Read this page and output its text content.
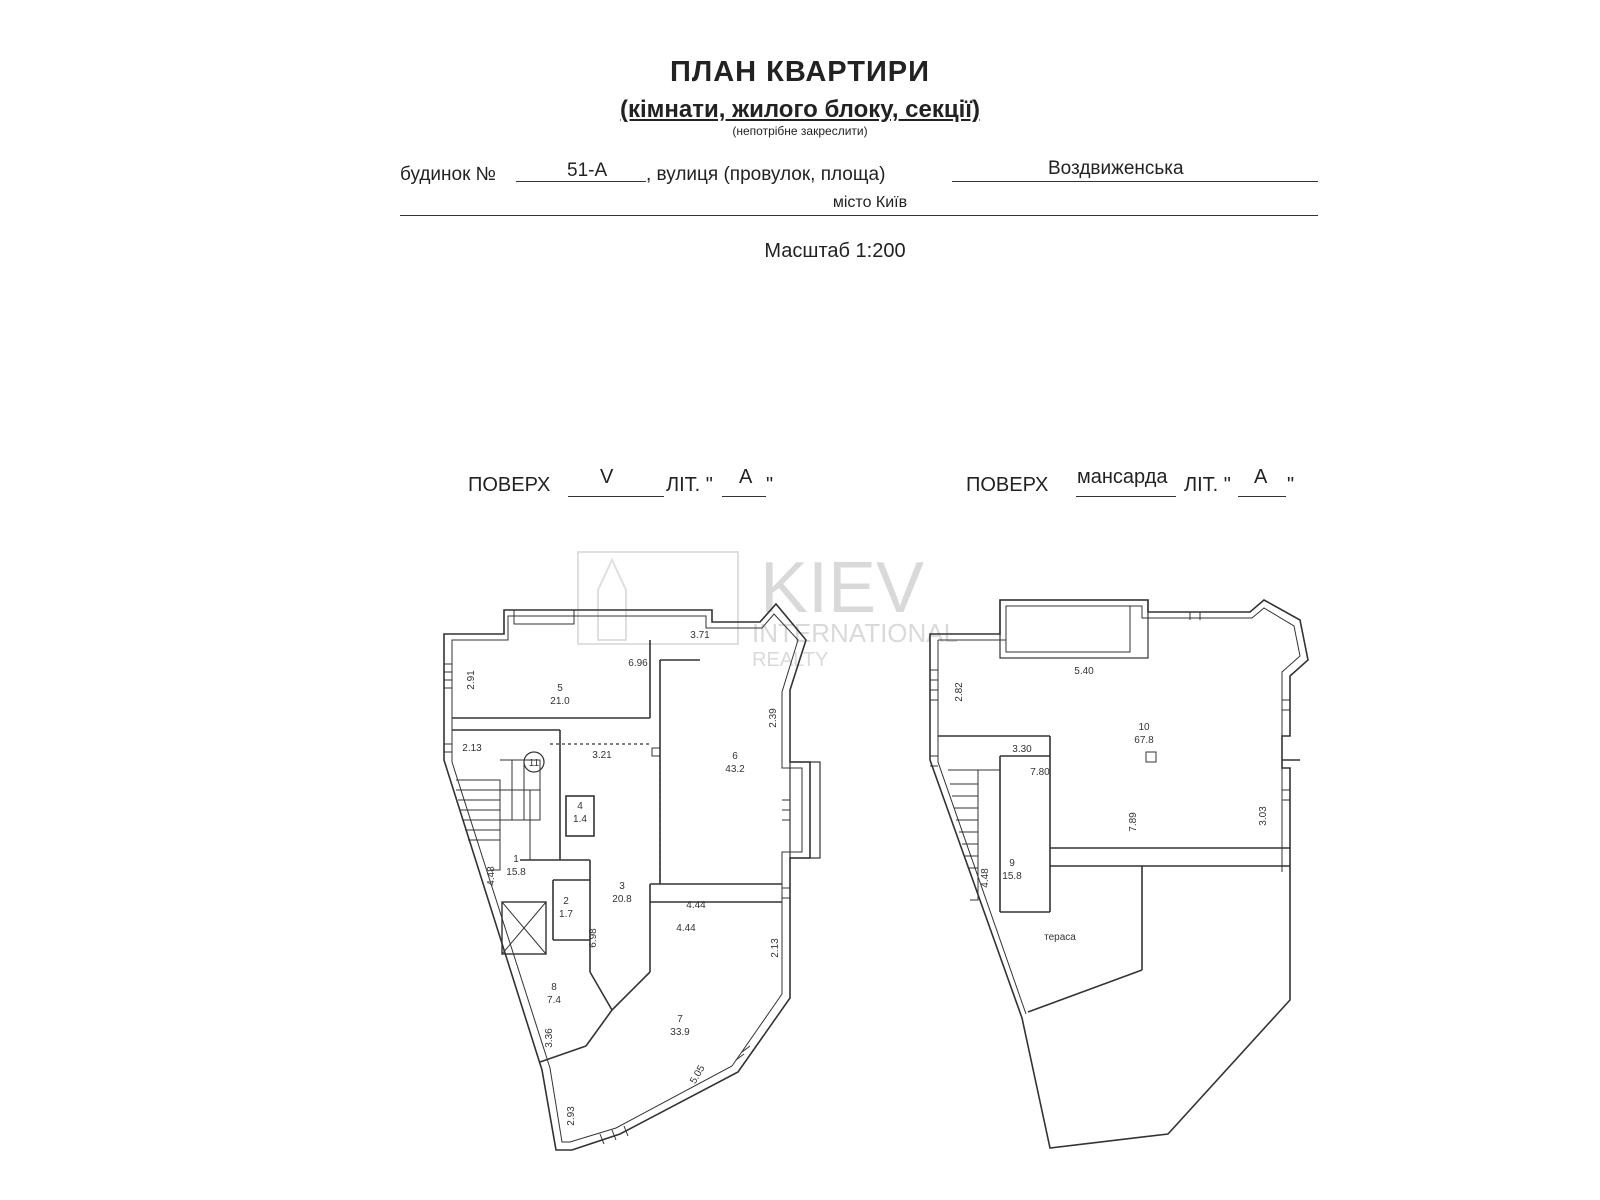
ПЛАН КВАРТИРИ
(кімнати, жилого блоку, секції)
(непотрібне закреслити)
будинок №	51-А , вулиця (провулок, площа)	Воздвиженська
місто Київ
Масштаб 1:200
ПОВЕРХ V	ЛІТ. " А "	ПОВЕРХ мансарда ЛІТ. " А "
KIEV
INTERNATIONAL
REALTY
5
21.0
6
43.2
1
15.8
2
1.7
3
20.8
4
1.4
7
33.9
8
7.4
11
2.91
6.96
3.71
2.13
3.21
2.39
4.48
4.44
4.44
6.98
2.13
3.36
5.05
2.93
10
67.8
9
15.8
тераса
5.40
2.82
3.30
7.80
7.89	3.03
4.48
